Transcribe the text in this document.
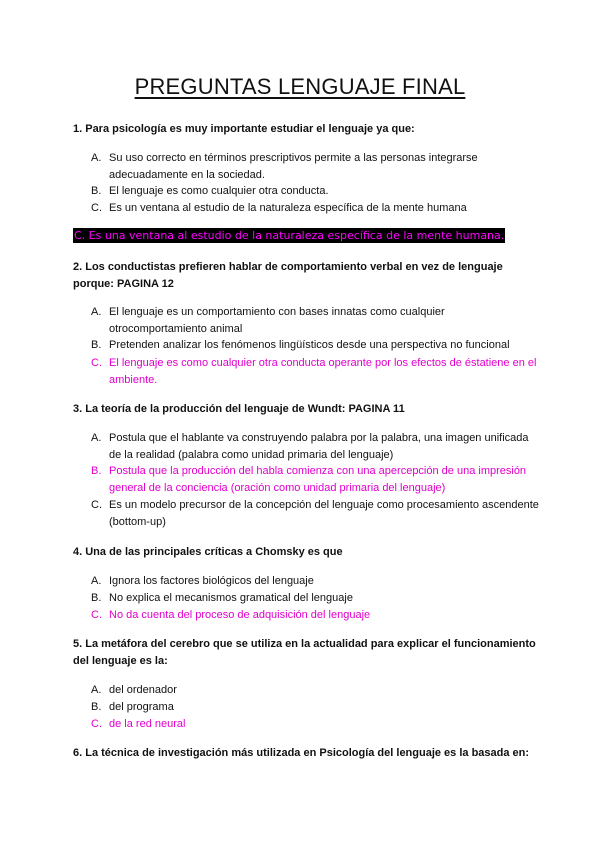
PREGUNTAS LENGUAJE FINAL
1. Para psicología es muy importante estudiar el lenguaje ya que:
A. Su uso correcto en términos prescriptivos permite a las personas integrarse adecuadamente en la sociedad.
B. El lenguaje es como cualquier otra conducta.
C. Es un ventana al estudio de la naturaleza específica de la mente humana
C. Es una ventana al estudio de la naturaleza específica de la mente humana.
2. Los conductistas prefieren hablar de comportamiento verbal en vez de lenguaje porque: PAGINA 12
A. El lenguaje es un comportamiento con bases innatas como cualquier otrocomportamiento animal
B. Pretenden analizar los fenómenos lingüísticos desde una perspectiva no funcional
C. El lenguaje es como cualquier otra conducta operante por los efectos de éstatiene en el ambiente.
3. La teoría de la producción del lenguaje de Wundt: PAGINA 11
A. Postula que el hablante va construyendo palabra por la palabra, una imagen unificada de la realidad (palabra como unidad primaria del lenguaje)
B. Postula que la producción del habla comienza con una apercepción de una impresión general de la conciencia (oración como unidad primaria del lenguaje)
C. Es un modelo precursor de la concepción del lenguaje como procesamiento ascendente (bottom-up)
4. Una de las principales críticas a Chomsky es que
A. Ignora los factores biológicos del lenguaje
B. No explica el mecanismos gramatical del lenguaje
C. No da cuenta del proceso de adquisición del lenguaje
5. La metáfora del cerebro que se utiliza en la actualidad para explicar el funcionamiento del lenguaje es la:
A. del ordenador
B. del programa
C. de la red neural
6. La técnica de investigación más utilizada en Psicología del lenguaje es la basada en:
